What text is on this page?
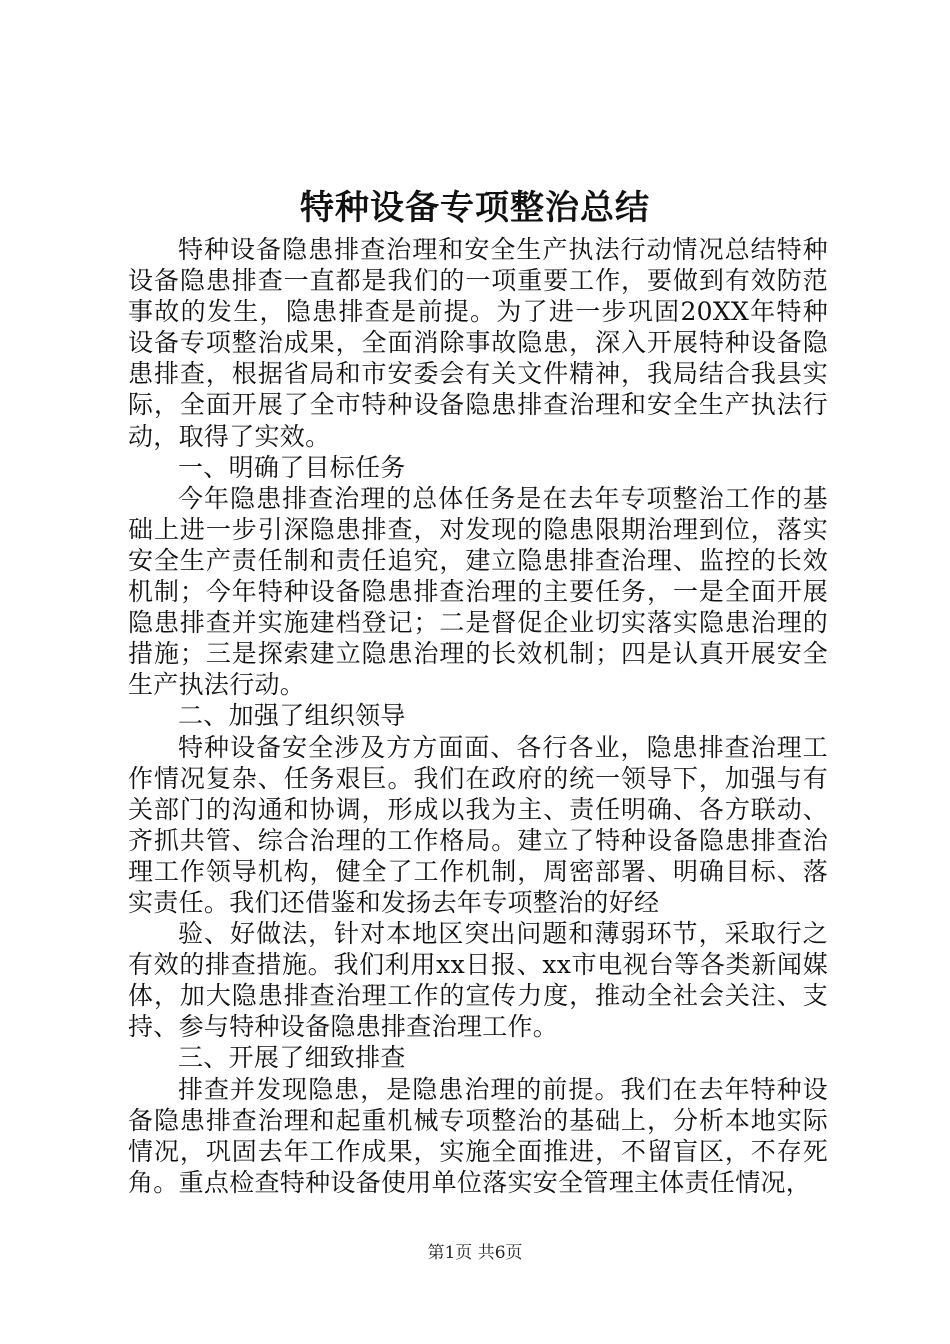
特种设备专项整治总结

特种设备隐患排查治理和安全生产执法行动情况总结特种设备隐患排查一直都是我们的一项重要工作，要做到有效防范事故的发生，隐患排查是前提。为了进一步巩固20XX年特种设备专项整治成果，全面消除事故隐患，深入开展特种设备隐患排查，根据省局和市安委会有关文件精神，我局结合我县实际，全面开展了全市特种设备隐患排查治理和安全生产执法行动，取得了实效。

一、明确了目标任务

今年隐患排查治理的总体任务是在去年专项整治工作的基础上进一步引深隐患排查，对发现的隐患限期治理到位，落实安全生产责任制和责任追究，建立隐患排查治理、监控的长效机制；今年特种设备隐患排查治理的主要任务，一是全面开展隐患排查并实施建档登记；二是督促企业切实落实隐患治理的措施；三是探索建立隐患治理的长效机制；四是认真开展安全生产执法行动。

二、加强了组织领导

特种设备安全涉及方方面面、各行各业，隐患排查治理工作情况复杂、任务艰巨。我们在政府的统一领导下，加强与有关部门的沟通和协调，形成以我为主、责任明确、各方联动、齐抓共管、综合治理的工作格局。建立了特种设备隐患排查治理工作领导机构，健全了工作机制，周密部署、明确目标、落实责任。我们还借鉴和发扬去年专项整治的好经

验、好做法，针对本地区突出问题和薄弱环节，采取行之有效的排查措施。我们利用xx日报、xx市电视台等各类新闻媒体，加大隐患排查治理工作的宣传力度，推动全社会关注、支持、参与特种设备隐患排查治理工作。

三、开展了细致排查

排查并发现隐患，是隐患治理的前提。我们在去年特种设备隐患排查治理和起重机械专项整治的基础上，分析本地实际情况，巩固去年工作成果，实施全面推进，不留盲区，不存死角。重点检查特种设备使用单位落实安全管理主体责任情况，

第1页 共6页
